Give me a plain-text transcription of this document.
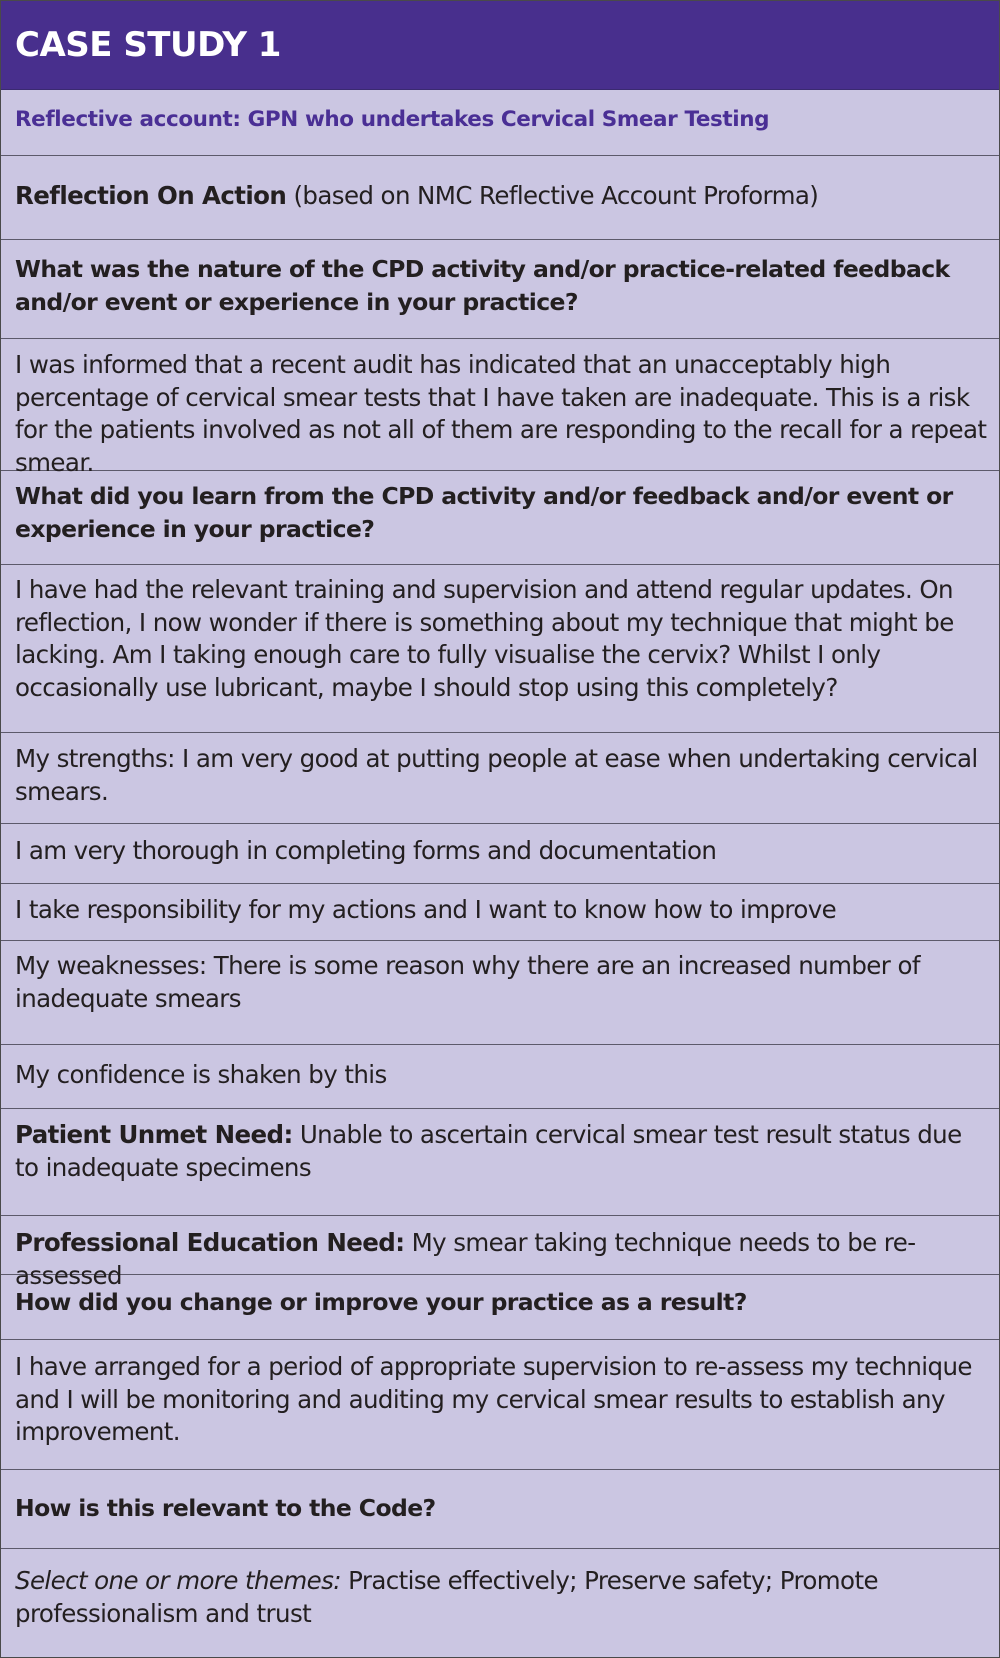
CASE STUDY 1
Reflective account: GPN who undertakes Cervical Smear Testing
Reflection On Action (based on NMC Reflective Account Proforma)
What was the nature of the CPD activity and/or practice-related feedback and/or event or experience in your practice?
I was informed that a recent audit has indicated that an unacceptably high percentage of cervical smear tests that I have taken are inadequate. This is a risk for the patients involved as not all of them are responding to the recall for a repeat smear.
What did you learn from the CPD activity and/or feedback and/or event or experience in your practice?
I have had the relevant training and supervision and attend regular updates. On reflection, I now wonder if there is something about my technique that might be lacking. Am I taking enough care to fully visualise the cervix? Whilst I only occasionally use lubricant, maybe I should stop using this completely?
My strengths: I am very good at putting people at ease when undertaking cervical smears.
I am very thorough in completing forms and documentation
I take responsibility for my actions and I want to know how to improve
My weaknesses: There is some reason why there are an increased number of inadequate smears
My confidence is shaken by this
Patient Unmet Need: Unable to ascertain cervical smear test result status due to inadequate specimens
Professional Education Need: My smear taking technique needs to be re-assessed
How did you change or improve your practice as a result?
I have arranged for a period of appropriate supervision to re-assess my technique and I will be monitoring and auditing my cervical smear results to establish any improvement.
How is this relevant to the Code?
Select one or more themes: Practise effectively; Preserve safety; Promote professionalism and trust
